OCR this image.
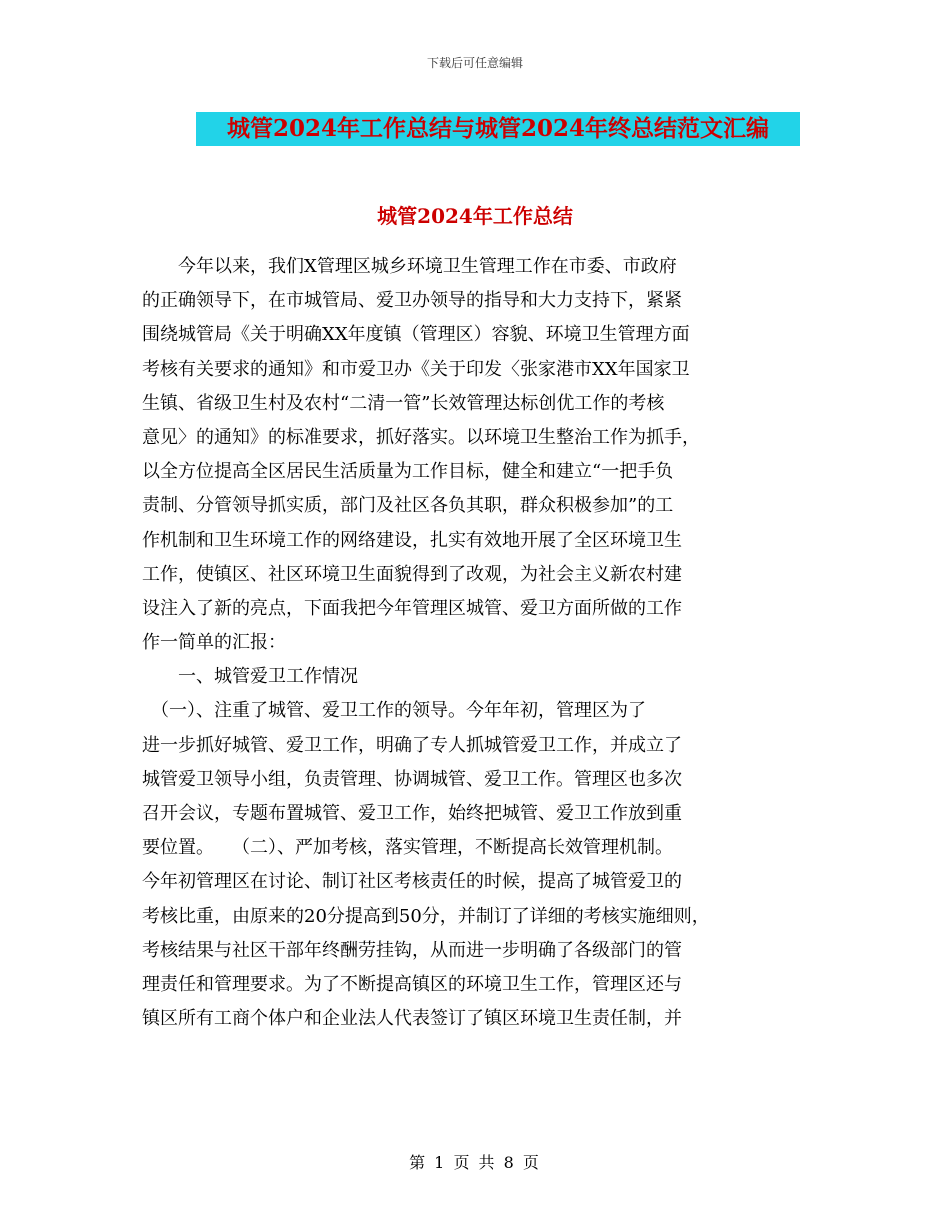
下载后可任意编辑
城管2024年工作总结与城管2024年终总结范文汇编
城管2024年工作总结
　　今年以来，我们X管理区城乡环境卫生管理工作在市委、市政府
的正确领导下，在市城管局、爱卫办领导的指导和大力支持下，紧紧
围绕城管局《关于明确XX年度镇（管理区）容貌、环境卫生管理方面
考核有关要求的通知》和市爱卫办《关于印发〈张家港市XX年国家卫
生镇、省级卫生村及农村“二清一管”长效管理达标创优工作的考核
意见〉的通知》的标准要求，抓好落实。以环境卫生整治工作为抓手，
以全方位提高全区居民生活质量为工作目标，健全和建立“一把手负
责制、分管领导抓实质，部门及社区各负其职，群众积极参加”的工
作机制和卫生环境工作的网络建设，扎实有效地开展了全区环境卫生
工作，使镇区、社区环境卫生面貌得到了改观，为社会主义新农村建
设注入了新的亮点，下面我把今年管理区城管、爱卫方面所做的工作
作一简单的汇报：
　　一、城管爱卫工作情况
　（一）、注重了城管、爱卫工作的领导。今年年初，管理区为了
进一步抓好城管、爱卫工作，明确了专人抓城管爱卫工作，并成立了
城管爱卫领导小组，负责管理、协调城管、爱卫工作。管理区也多次
召开会议，专题布置城管、爱卫工作，始终把城管、爱卫工作放到重
要位置。　　（二）、严加考核，落实管理，不断提高长效管理机制。
今年初管理区在讨论、制订社区考核责任的时候，提高了城管爱卫的
考核比重，由原来的20分提高到50分，并制订了详细的考核实施细则，
考核结果与社区干部年终酬劳挂钩，从而进一步明确了各级部门的管
理责任和管理要求。为了不断提高镇区的环境卫生工作，管理区还与
镇区所有工商个体户和企业法人代表签订了镇区环境卫生责任制，并
第 1 页 共 8 页
